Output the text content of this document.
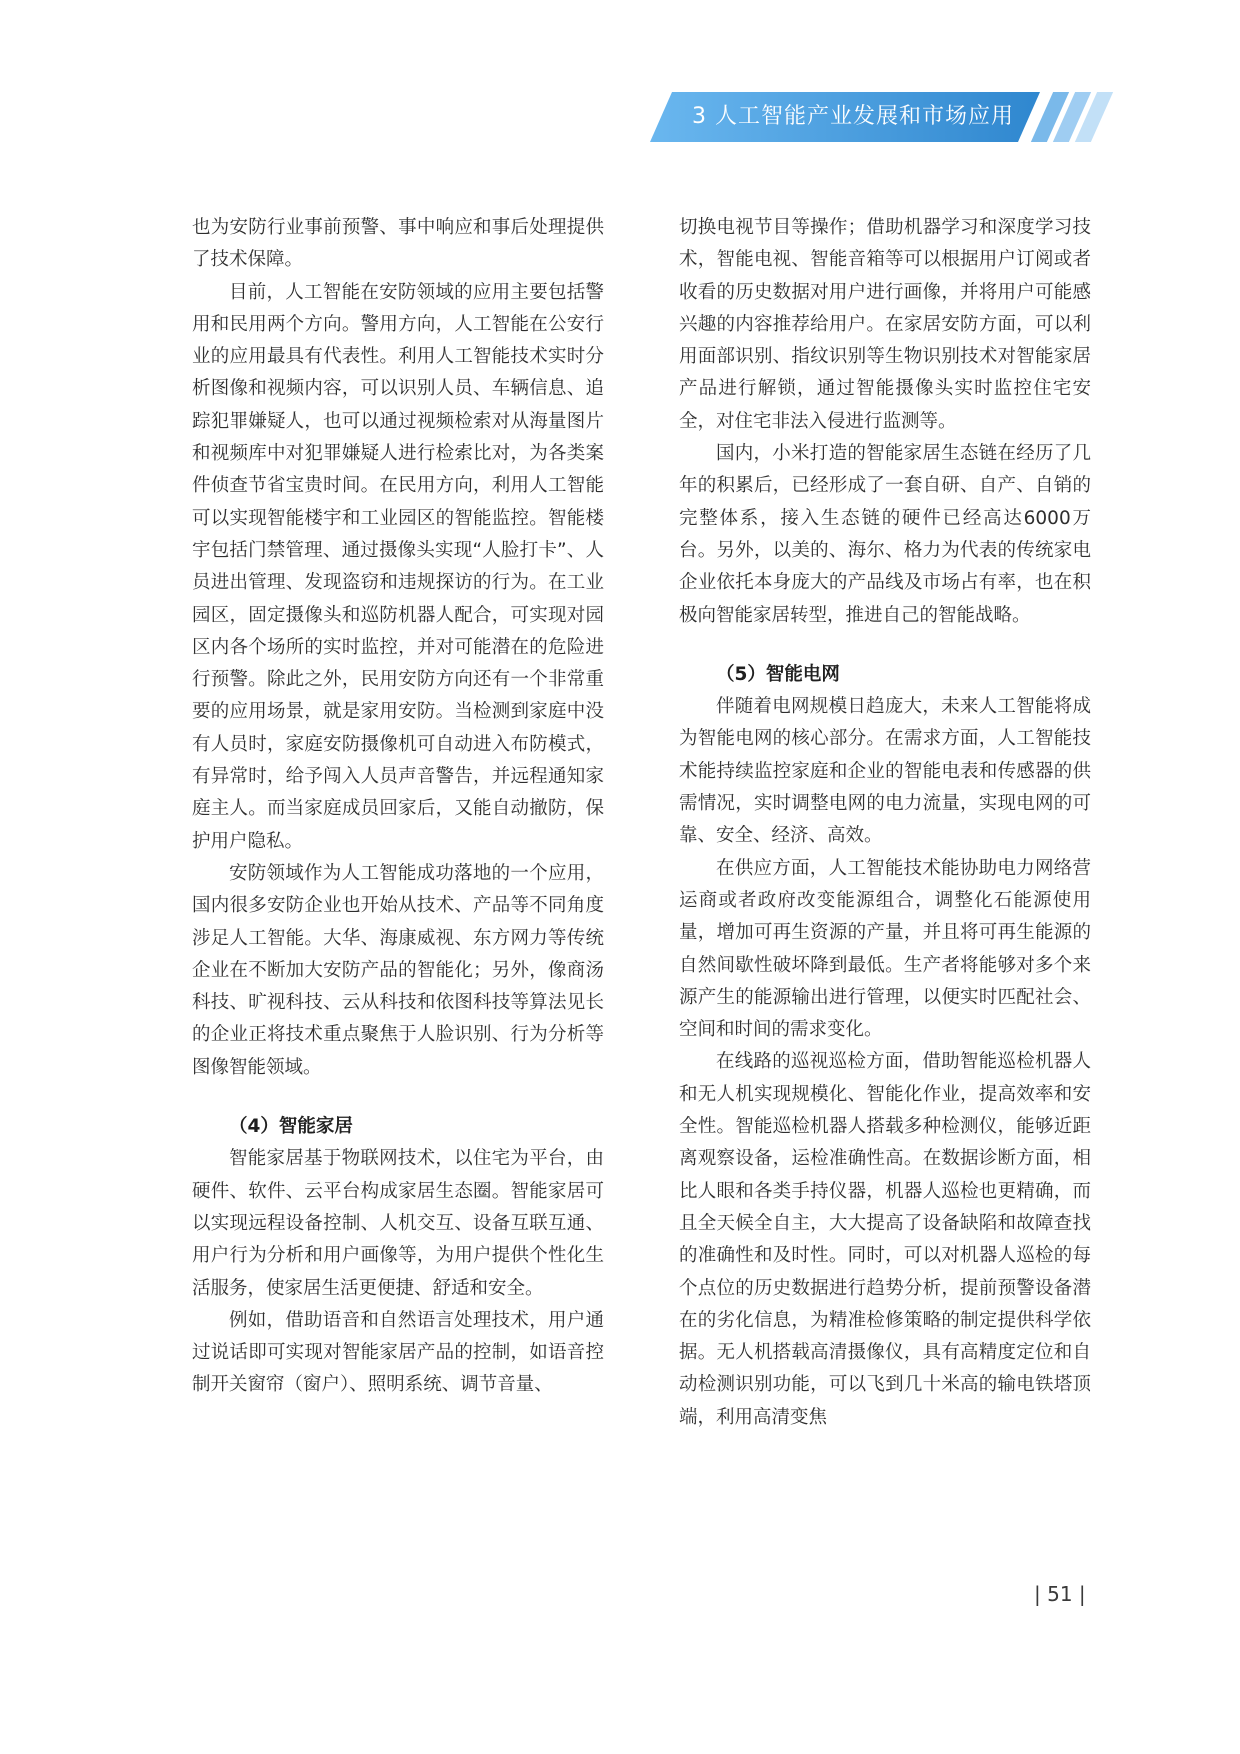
3 人工智能产业发展和市场应用

也为安防行业事前预警、事中响应和事后处理提供了技术保障。

目前，人工智能在安防领域的应用主要包括警用和民用两个方向。警用方向，人工智能在公安行业的应用最具有代表性。利用人工智能技术实时分析图像和视频内容，可以识别人员、车辆信息、追踪犯罪嫌疑人，也可以通过视频检索对从海量图片和视频库中对犯罪嫌疑人进行检索比对，为各类案件侦查节省宝贵时间。在民用方向，利用人工智能可以实现智能楼宇和工业园区的智能监控。智能楼宇包括门禁管理、通过摄像头实现“人脸打卡”、人员进出管理、发现盗窃和违规探访的行为。在工业园区，固定摄像头和巡防机器人配合，可实现对园区内各个场所的实时监控，并对可能潜在的危险进行预警。除此之外，民用安防方向还有一个非常重要的应用场景，就是家用安防。当检测到家庭中没有人员时，家庭安防摄像机可自动进入布防模式，有异常时，给予闯入人员声音警告，并远程通知家庭主人。而当家庭成员回家后，又能自动撤防，保护用户隐私。

安防领域作为人工智能成功落地的一个应用，国内很多安防企业也开始从技术、产品等不同角度涉足人工智能。大华、海康威视、东方网力等传统企业在不断加大安防产品的智能化；另外，像商汤科技、旷视科技、云从科技和依图科技等算法见长的企业正将技术重点聚焦于人脸识别、行为分析等图像智能领域。

（4）智能家居

智能家居基于物联网技术，以住宅为平台，由硬件、软件、云平台构成家居生态圈。智能家居可以实现远程设备控制、人机交互、设备互联互通、用户行为分析和用户画像等，为用户提供个性化生活服务，使家居生活更便捷、舒适和安全。

例如，借助语音和自然语言处理技术，用户通过说话即可实现对智能家居产品的控制，如语音控制开关窗帘（窗户）、照明系统、调节音量、

切换电视节目等操作；借助机器学习和深度学习技术，智能电视、智能音箱等可以根据用户订阅或者收看的历史数据对用户进行画像，并将用户可能感兴趣的内容推荐给用户。在家居安防方面，可以利用面部识别、指纹识别等生物识别技术对智能家居产品进行解锁，通过智能摄像头实时监控住宅安全，对住宅非法入侵进行监测等。

国内，小米打造的智能家居生态链在经历了几年的积累后，已经形成了一套自研、自产、自销的完整体系，接入生态链的硬件已经高达6000万台。另外，以美的、海尔、格力为代表的传统家电企业依托本身庞大的产品线及市场占有率，也在积极向智能家居转型，推进自己的智能战略。

（5）智能电网

伴随着电网规模日趋庞大，未来人工智能将成为智能电网的核心部分。在需求方面，人工智能技术能持续监控家庭和企业的智能电表和传感器的供需情况，实时调整电网的电力流量，实现电网的可靠、安全、经济、高效。

在供应方面，人工智能技术能协助电力网络营运商或者政府改变能源组合，调整化石能源使用量，增加可再生资源的产量，并且将可再生能源的自然间歇性破坏降到最低。生产者将能够对多个来源产生的能源输出进行管理，以便实时匹配社会、空间和时间的需求变化。

在线路的巡视巡检方面，借助智能巡检机器人和无人机实现规模化、智能化作业，提高效率和安全性。智能巡检机器人搭载多种检测仪，能够近距离观察设备，运检准确性高。在数据诊断方面，相比人眼和各类手持仪器，机器人巡检也更精确，而且全天候全自主，大大提高了设备缺陷和故障查找的准确性和及时性。同时，可以对机器人巡检的每个点位的历史数据进行趋势分析，提前预警设备潜在的劣化信息，为精准检修策略的制定提供科学依据。无人机搭载高清摄像仪，具有高精度定位和自动检测识别功能，可以飞到几十米高的输电铁塔顶端，利用高清变焦

| 51 |
